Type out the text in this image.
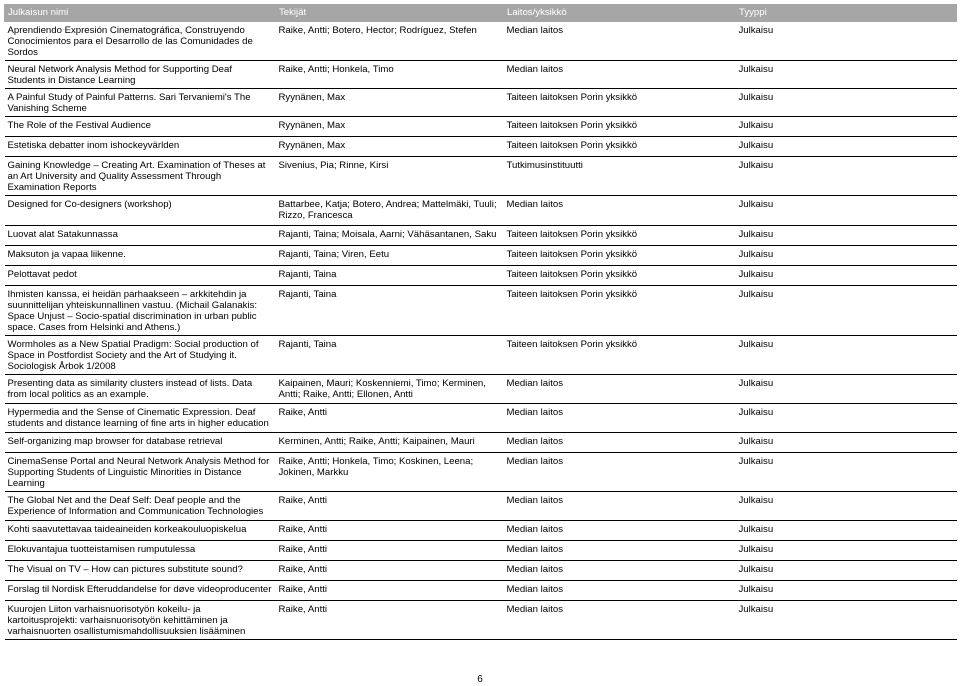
Julkaisun nimi	Tekijät	Laitos/yksikkö	Tyyppi
Aprendiendo Expresión Cinematográfica, Construyendo Conocimientos para el Desarrollo de las Comunidades de Sordos	Raike, Antti; Botero, Hector; Rodríguez, Stefen	Median laitos	Julkaisu
Neural Network Analysis Method for Supporting Deaf Students in Distance Learning	Raike, Antti; Honkela, Timo	Median laitos	Julkaisu
A Painful Study of Painful Patterns. Sari Tervaniemi's The Vanishing Scheme	Ryynänen, Max	Taiteen laitoksen Porin yksikkö	Julkaisu
The Role of the Festival Audience	Ryynänen, Max	Taiteen laitoksen Porin yksikkö	Julkaisu
Estetiska debatter inom ishockeyvärlden	Ryynänen, Max	Taiteen laitoksen Porin yksikkö	Julkaisu
Gaining Knowledge – Creating Art. Examination of Theses at an Art University and Quality Assessment Through Examination Reports	Sivenius, Pia; Rinne, Kirsi	Tutkimusinstituutti	Julkaisu
Designed for Co-designers (workshop)	Battarbee, Katja; Botero, Andrea; Mattelmäki, Tuuli; Rizzo, Francesca	Median laitos	Julkaisu
Luovat alat Satakunnassa	Rajanti, Taina; Moisala, Aarni; Vähäsantanen, Saku	Taiteen laitoksen Porin yksikkö	Julkaisu
Maksuton ja vapaa liikenne.	Rajanti, Taina; Viren, Eetu	Taiteen laitoksen Porin yksikkö	Julkaisu
Pelottavat pedot	Rajanti, Taina	Taiteen laitoksen Porin yksikkö	Julkaisu
Ihmisten kanssa, ei heidän parhaakseen – arkkitehdin ja suunnittelijan yhteiskunnallinen vastuu. (Michail Galanakis: Space Unjust – Socio-spatial discrimination in urban public space. Cases from Helsinki and Athens.)	Rajanti, Taina	Taiteen laitoksen Porin yksikkö	Julkaisu
Wormholes as a New Spatial Pradigm: Social production of Space in Postfordist Society and the Art of Studying it. Sociologisk Årbok 1/2008	Rajanti, Taina	Taiteen laitoksen Porin yksikkö	Julkaisu
Presenting data as similarity clusters instead of lists. Data from local politics as an example.	Kaipainen, Mauri; Koskenniemi, Timo; Kerminen, Antti; Raike, Antti; Ellonen, Antti	Median laitos	Julkaisu
Hypermedia and the Sense of Cinematic Expression. Deaf students and distance learning of fine arts in higher education	Raike, Antti	Median laitos	Julkaisu
Self-organizing map browser for database retrieval	Kerminen, Antti; Raike, Antti; Kaipainen, Mauri	Median laitos	Julkaisu
CinemaSense Portal and Neural Network Analysis Method for Supporting Students of Linguistic Minorities in Distance Learning	Raike, Antti; Honkela, Timo; Koskinen, Leena; Jokinen, Markku	Median laitos	Julkaisu
The Global Net and the Deaf Self: Deaf people and the Experience of Information and Communication Technologies	Raike, Antti	Median laitos	Julkaisu
Kohti saavutettavaa taideaineiden korkeakouluopiskelua	Raike, Antti	Median laitos	Julkaisu
Elokuvantajua tuotteistamisen rumputulessa	Raike, Antti	Median laitos	Julkaisu
The Visual on TV – How can pictures substitute sound?	Raike, Antti	Median laitos	Julkaisu
Forslag til Nordisk Efteruddandelse for døve videoproducenter	Raike, Antti	Median laitos	Julkaisu
Kuurojen Liiton varhaisnuorisotyön kokeilu- ja kartoitusprojekti: varhaisnuorisotyön kehittäminen ja varhaisnuorten osallistumismahdollisuuksien lisääminen	Raike, Antti	Median laitos	Julkaisu
6
